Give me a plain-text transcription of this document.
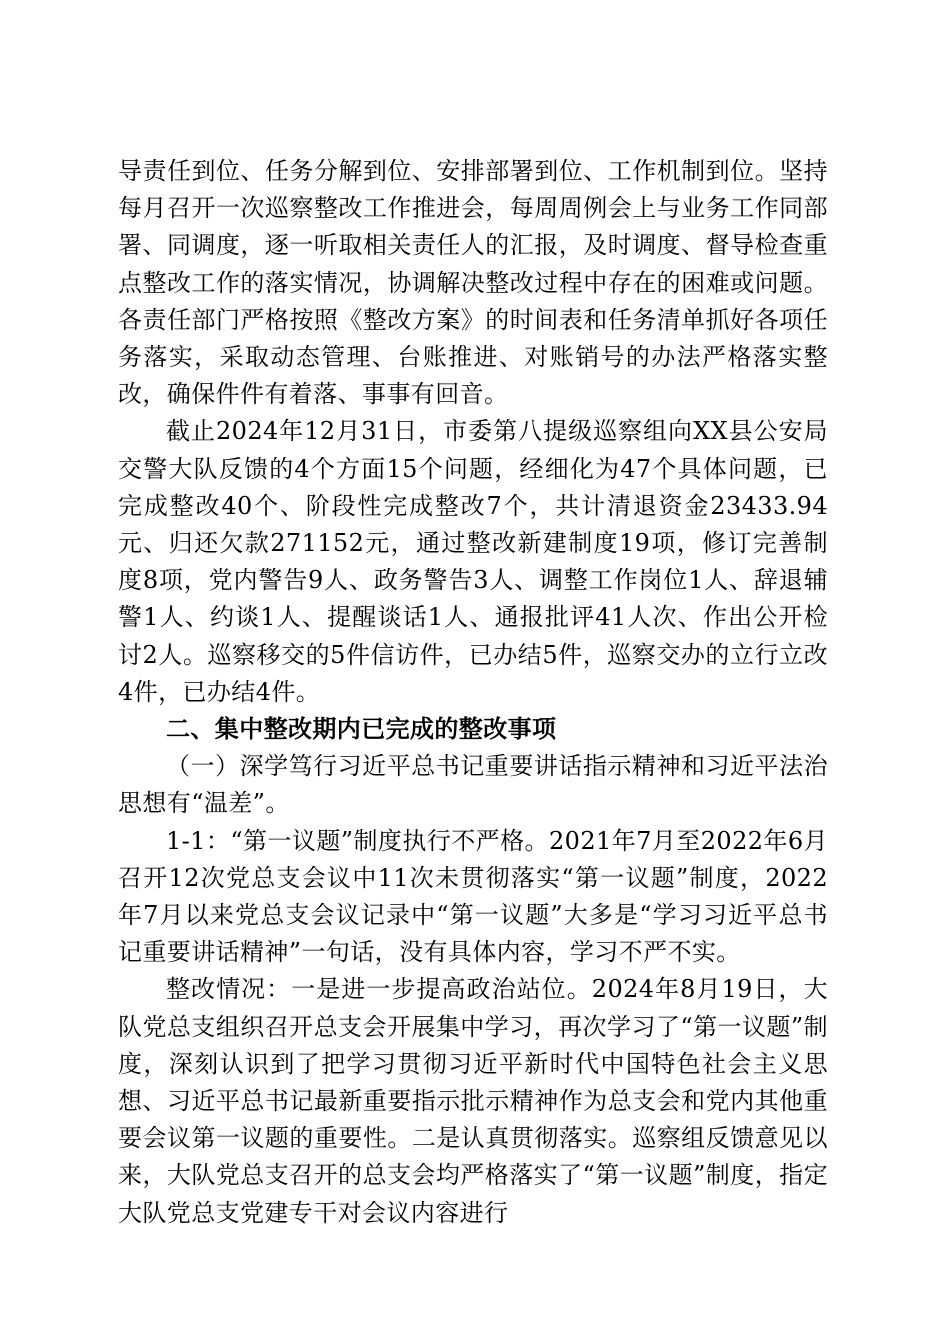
导责任到位、任务分解到位、安排部署到位、工作机制到位。坚持每月召开一次巡察整改工作推进会，每周周例会上与业务工作同部署、同调度，逐一听取相关责任人的汇报，及时调度、督导检查重点整改工作的落实情况，协调解决整改过程中存在的困难或问题。各责任部门严格按照《整改方案》的时间表和任务清单抓好各项任务落实，采取动态管理、台账推进、对账销号的办法严格落实整改，确保件件有着落、事事有回音。

截止2024年12月31日，市委第八提级巡察组向XX县公安局交警大队反馈的4个方面15个问题，经细化为47个具体问题，已完成整改40个、阶段性完成整改7个，共计清退资金23433.94元、归还欠款271152元，通过整改新建制度19项，修订完善制度8项，党内警告9人、政务警告3人、调整工作岗位1人、辞退辅警1人、约谈1人、提醒谈话1人、通报批评41人次、作出公开检讨2人。巡察移交的5件信访件，已办结5件，巡察交办的立行立改4件，已办结4件。

二、集中整改期内已完成的整改事项

（一）深学笃行习近平总书记重要讲话指示精神和习近平法治思想有“温差”。

1-1：“第一议题”制度执行不严格。2021年7月至2022年6月召开12次党总支会议中11次未贯彻落实“第一议题”制度，2022年7月以来党总支会议记录中“第一议题”大多是“学习习近平总书记重要讲话精神”一句话，没有具体内容，学习不严不实。

整改情况：一是进一步提高政治站位。2024年8月19日，大队党总支组织召开总支会开展集中学习，再次学习了“第一议题”制度，深刻认识到了把学习贯彻习近平新时代中国特色社会主义思想、习近平总书记最新重要指示批示精神作为总支会和党内其他重要会议第一议题的重要性。二是认真贯彻落实。巡察组反馈意见以来，大队党总支召开的总支会均严格落实了“第一议题”制度，指定大队党总支党建专干对会议内容进行
